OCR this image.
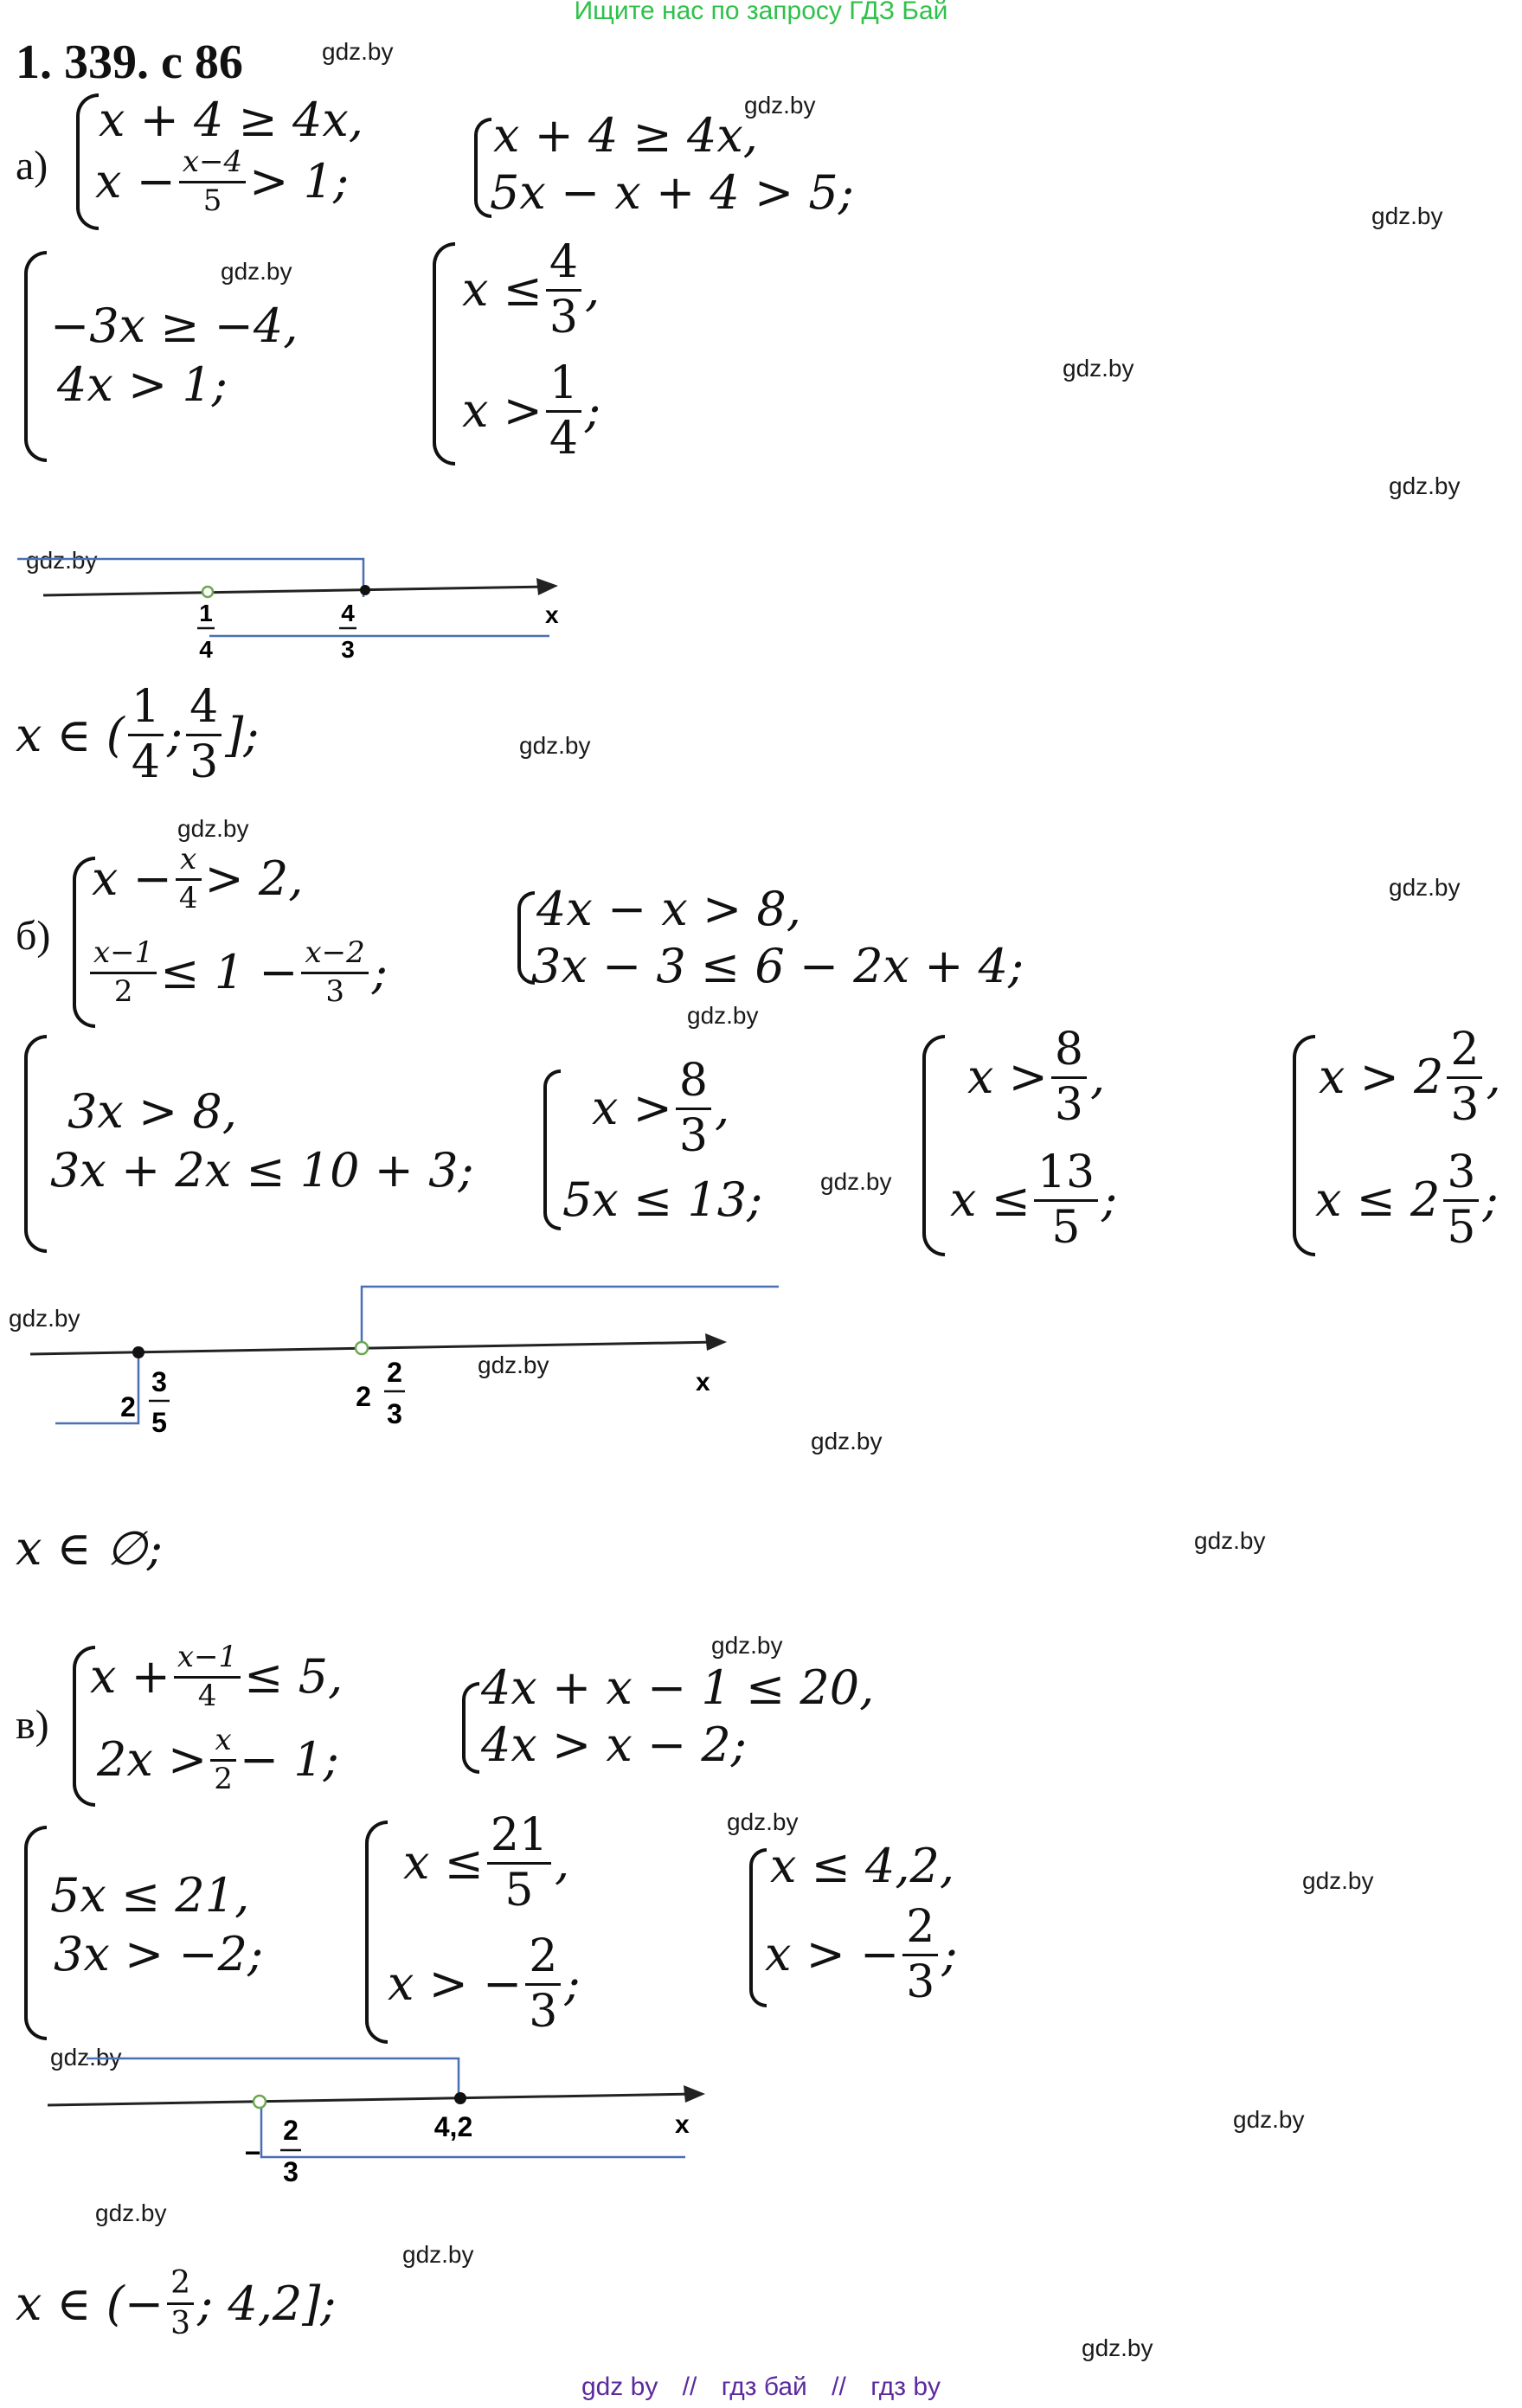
Ищите нас по запросу ГДЗ Бай
gdz by // гдз бай // гдз by
gdz.by
gdz.by
gdz.by
gdz.by
gdz.by
gdz.by
gdz.by
gdz.by
gdz.by
gdz.by
gdz.by
gdz.by
gdz.by
gdz.by
gdz.by
gdz.by
gdz.by
gdz.by
gdz.by
gdz.by
gdz.by
gdz.by
gdz.by
gdz.by
1. 339. с 86
а)
x + 4 ≥ 4x,
$x - \frac{x-4}{5} > 1$;
x + 4 ≥ 4x,
5x − x + 4 > 5;
−3x ≥ −4,
4x > 1;
$x \le \frac{4}{3}$ ,
$x > \frac{1}{4}$ ;
1
4
4
3
x
x ∈ ( $\frac{1}{4}$ ; $\frac{4}{3}$ ];
б)
$x - \frac{x}{4} > 2$,
$\frac{x-1}{2} \le 1 - \frac{x-2}{3}$ ;
4x − x > 8,
3x − 3 ≤ 6 − 2x + 4;
3x > 8,
3x + 2x ≤ 10 + 3;
$x > \frac{8}{3}$ ,
5x ≤ 13;
$x > \frac{8}{3}$ ,
$x \le \frac{13}{5}$ ;
$x > 2 \frac{2}{3}$ ,
$x \le 2 \frac{3}{5}$ ;
2
3
5
2
2
3
x
x ∈ ∅;
в)
$x + \frac{x-1}{4} \le 5$,
$2x > \frac{x}{2} - 1$;
4x + x − 1 ≤ 20,
4x > x − 2;
5x ≤ 21,
3x > −2;
$x \le \frac{21}{5}$ ,
x > − $\frac{2}{3}$ ;
x ≤ 4,2,
x > − $\frac{2}{3}$ ;
−
2
3
4,2	x
x ∈ (− $\frac{2}{3}$ ; 4,2];
